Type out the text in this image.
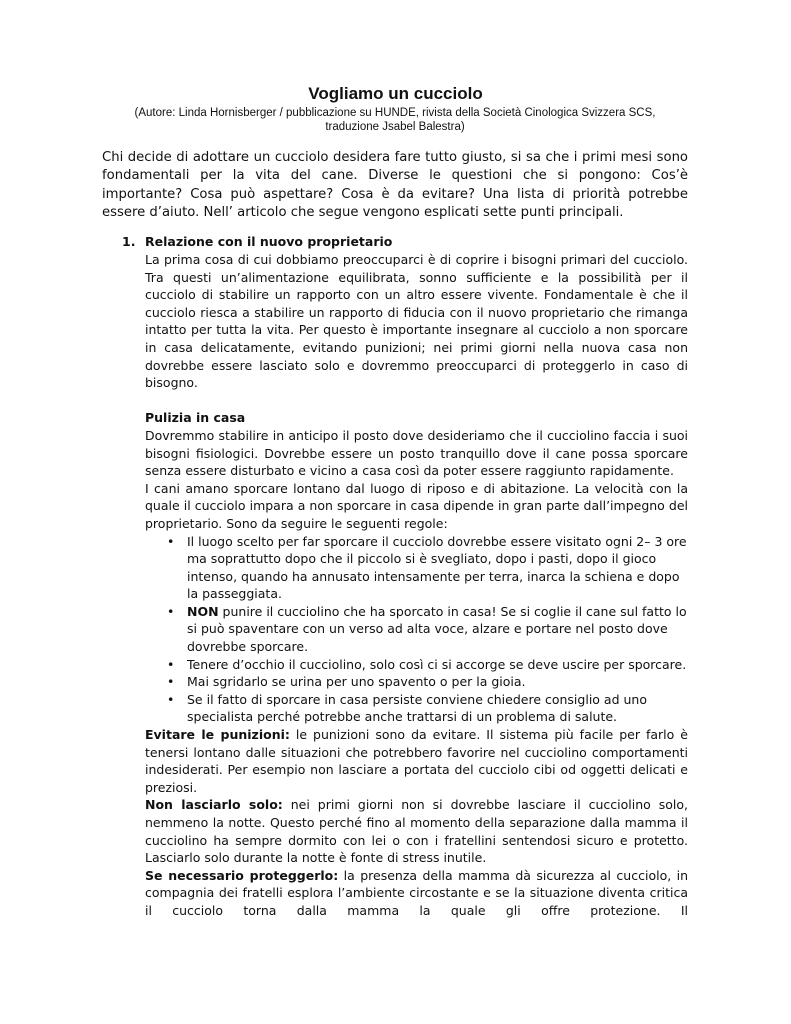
Vogliamo un cucciolo
(Autore: Linda Hornisberger / pubblicazione su HUNDE, rivista della Società Cinologica Svizzera SCS,
traduzione Jsabel Balestra)
Chi decide di adottare un cucciolo desidera fare tutto giusto, si sa che i primi mesi sono fondamentali per la vita del cane. Diverse le questioni che si pongono: Cos’è importante? Cosa può aspettare? Cosa è da evitare? Una lista di priorità potrebbe essere d’aiuto. Nell’ articolo che segue vengono esplicati sette punti principali.
1. Relazione con il nuovo proprietario

La prima cosa di cui dobbiamo preoccuparci è di coprire i bisogni primari del cucciolo. Tra questi un’alimentazione equilibrata, sonno sufficiente e la possibilità per il cucciolo di stabilire un rapporto con un altro essere vivente. Fondamentale è che il cucciolo riesca a stabilire un rapporto di fiducia con il nuovo proprietario che rimanga intatto per tutta la vita. Per questo è importante insegnare al cucciolo a non sporcare in casa delicatamente, evitando punizioni; nei primi giorni nella nuova casa non dovrebbe essere lasciato solo e dovremmo preoccuparci di proteggerlo in caso di bisogno.

Pulizia in casa

Dovremmo stabilire in anticipo il posto dove desideriamo che il cucciolino faccia i suoi bisogni fisiologici. Dovrebbe essere un posto tranquillo dove il cane possa sporcare senza essere disturbato e vicino a casa così da poter essere raggiunto rapidamente.

I cani amano sporcare lontano dal luogo di riposo e di abitazione. La velocità con la quale il cucciolo impara a non sporcare in casa dipende in gran parte dall’impegno del proprietario. Sono da seguire le seguenti regole:

• Il luogo scelto per far sporcare il cucciolo dovrebbe essere visitato ogni 2– 3 ore ma soprattutto dopo che il piccolo si è svegliato, dopo i pasti, dopo il gioco intenso, quando ha annusato intensamente per terra, inarca la schiena e dopo la passeggiata.
• NON punire il cucciolino che ha sporcato in casa! Se si coglie il cane sul fatto lo si può spaventare con un verso ad alta voce, alzare e portare nel posto dove dovrebbe sporcare.
• Tenere d’occhio il cucciolino, solo così ci si accorge se deve uscire per sporcare.
• Mai sgridarlo se urina per uno spavento o per la gioia.
• Se il fatto di sporcare in casa persiste conviene chiedere consiglio ad uno specialista perché potrebbe anche trattarsi di un problema di salute.

Evitare le punizioni: le punizioni sono da evitare. Il sistema più facile per farlo è tenersi lontano dalle situazioni che potrebbero favorire nel cucciolino comportamenti indesiderati. Per esempio non lasciare a portata del cucciolo cibi od oggetti delicati e preziosi.

Non lasciarlo solo: nei primi giorni non si dovrebbe lasciare il cucciolino solo, nemmeno la notte. Questo perché fino al momento della separazione dalla mamma il cucciolino ha sempre dormito con lei o con i fratellini sentendosi sicuro e protetto. Lasciarlo solo durante la notte è fonte di stress inutile.

Se necessario proteggerlo: la presenza della mamma dà sicurezza al cucciolo, in compagnia dei fratelli esplora l’ambiente circostante e se la situazione diventa critica il cucciolo torna dalla mamma la quale gli offre protezione. Il
